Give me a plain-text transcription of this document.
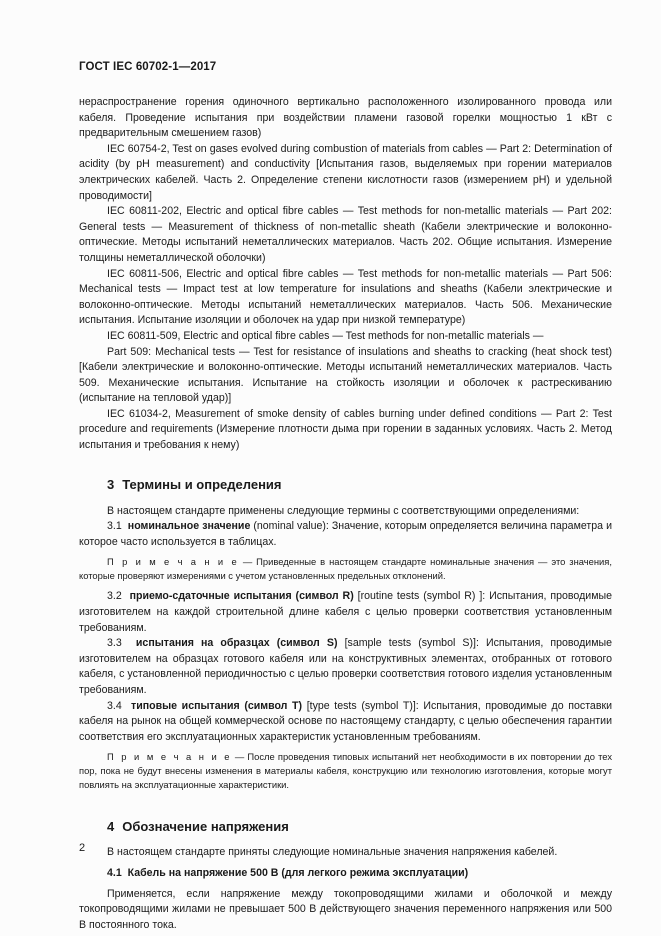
ГОСТ IEC 60702-1—2017

нераспространение горения одиночного вертикально расположенного изолированного провода или кабеля. Проведение испытания при воздействии пламени газовой горелки мощностью 1 кВт с предварительным смешением газов)

IEC 60754-2, Test on gases evolved during combustion of materials from cables — Part 2: Determination of acidity (by pH measurement) and conductivity [Испытания газов, выделяемых при горении материалов электрических кабелей. Часть 2. Определение степени кислотности газов (измерением pH) и удельной проводимости]

IEC 60811-202, Electric and optical fibre cables — Test methods for non-metallic materials — Part 202: General tests — Measurement of thickness of non-metallic sheath (Кабели электрические и волоконно-оптические. Методы испытаний неметаллических материалов. Часть 202. Общие испытания. Измерение толщины неметаллической оболочки)

IEC 60811-506, Electric and optical fibre cables — Test methods for non-metallic materials — Part 506: Mechanical tests — Impact test at low temperature for insulations and sheaths (Кабели электрические и волоконно-оптические. Методы испытаний неметаллических материалов. Часть 506. Механические испытания. Испытание изоляции и оболочек на удар при низкой температуре)

IEC 60811-509, Electric and optical fibre cables — Test methods for non-metallic materials —

Part 509: Mechanical tests — Test for resistance of insulations and sheaths to cracking (heat shock test) [Кабели электрические и волоконно-оптические. Методы испытаний неметаллических материалов. Часть 509. Механические испытания. Испытание на стойкость изоляции и оболочек к растрескиванию (испытание на тепловой удар)]

IEC 61034-2, Measurement of smoke density of cables burning under defined conditions — Part 2: Test procedure and requirements (Измерение плотности дыма при горении в заданных условиях. Часть 2. Метод испытания и требования к нему)

3 Термины и определения

В настоящем стандарте применены следующие термины с соответствующими определениями:

3.1 номинальное значение (nominal value): Значение, которым определяется величина параметра и которое часто используется в таблицах.

П р и м е ч а н и е — Приведенные в настоящем стандарте номинальные значения — это значения, которые проверяют измерениями с учетом установленных предельных отклонений.

3.2 приемо-сдаточные испытания (символ R) [routine tests (symbol R) ]: Испытания, проводимые изготовителем на каждой строительной длине кабеля с целью проверки соответствия установленным требованиям.

3.3 испытания на образцах (символ S) [sample tests (symbol S)]: Испытания, проводимые изготовителем на образцах готового кабеля или на конструктивных элементах, отобранных от готового кабеля, с установленной периодичностью с целью проверки соответствия готового изделия установленным требованиям.

3.4 типовые испытания (символ T) [type tests (symbol T)]: Испытания, проводимые до поставки кабеля на рынок на общей коммерческой основе по настоящему стандарту, с целью обеспечения гарантии соответствия его эксплуатационных характеристик установленным требованиям.

П р и м е ч а н и е — После проведения типовых испытаний нет необходимости в их повторении до тех пор, пока не будут внесены изменения в материалы кабеля, конструкцию или технологию изготовления, которые могут повлиять на эксплуатационные характеристики.

4 Обозначение напряжения

В настоящем стандарте приняты следующие номинальные значения напряжения кабелей.

4.1 Кабель на напряжение 500 В (для легкого режима эксплуатации)

Применяется, если напряжение между токопроводящими жилами и оболочкой и между токопроводящими жилами не превышает 500 В действующего значения переменного напряжения или 500 В постоянного тока.

2
